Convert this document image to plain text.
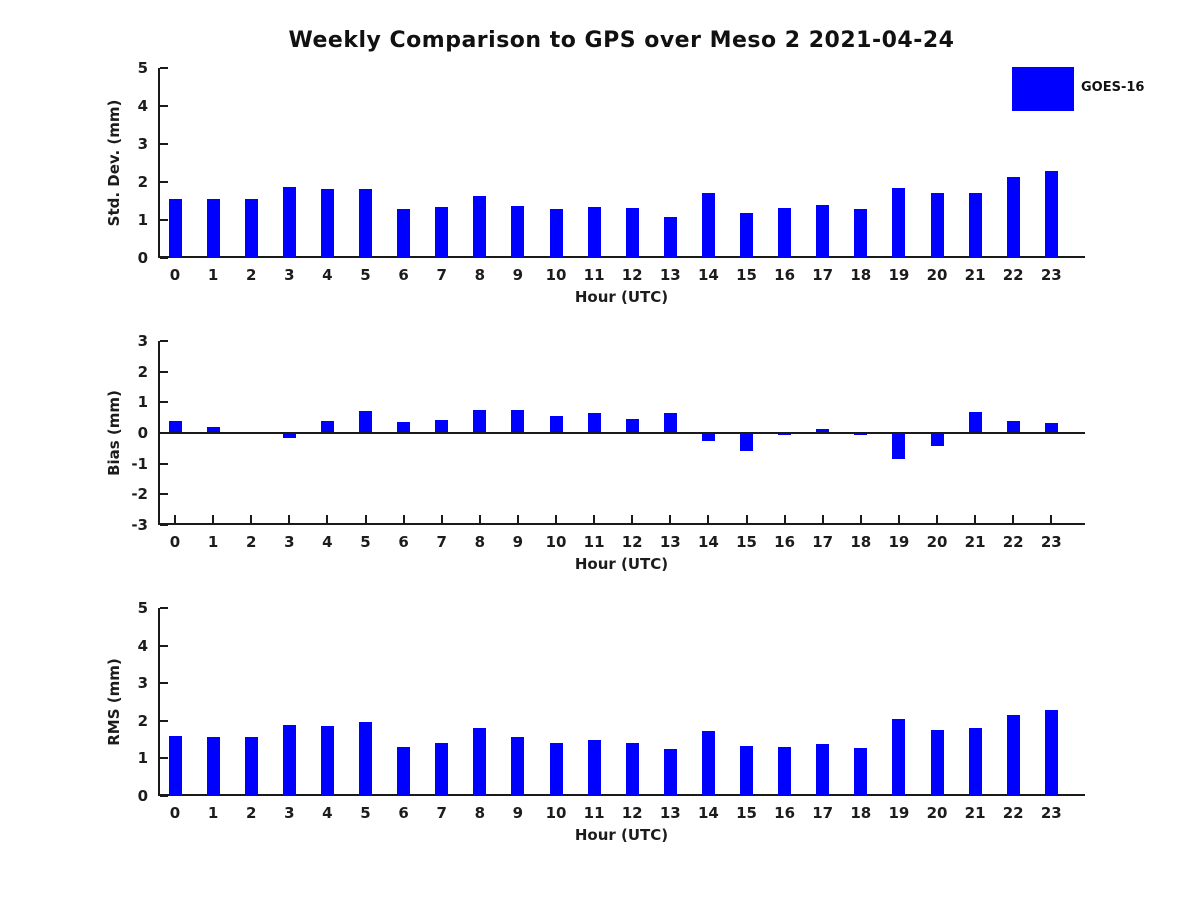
Weekly Comparison to GPS over Meso 2 2021-04-24
GOES-16
0
1
2
3
4
5
0	1	2	3	4	5	6	7	8	9	10	11	12	13	14	15	16	17	18	19	20	21	22	23
Std. Dev. (mm)
Hour (UTC)
-3
-2
-1
0
1
2
3
0	1	2	3	4	5	6	7	8	9	10	11	12	13	14	15	16	17	18	19	20	21	22	23
Bias (mm)
Hour (UTC)
0
1
2
3
4
5
0	1	2	3	4	5	6	7	8	9	10	11	12	13	14	15	16	17	18	19	20	21	22	23
RMS (mm)
Hour (UTC)
